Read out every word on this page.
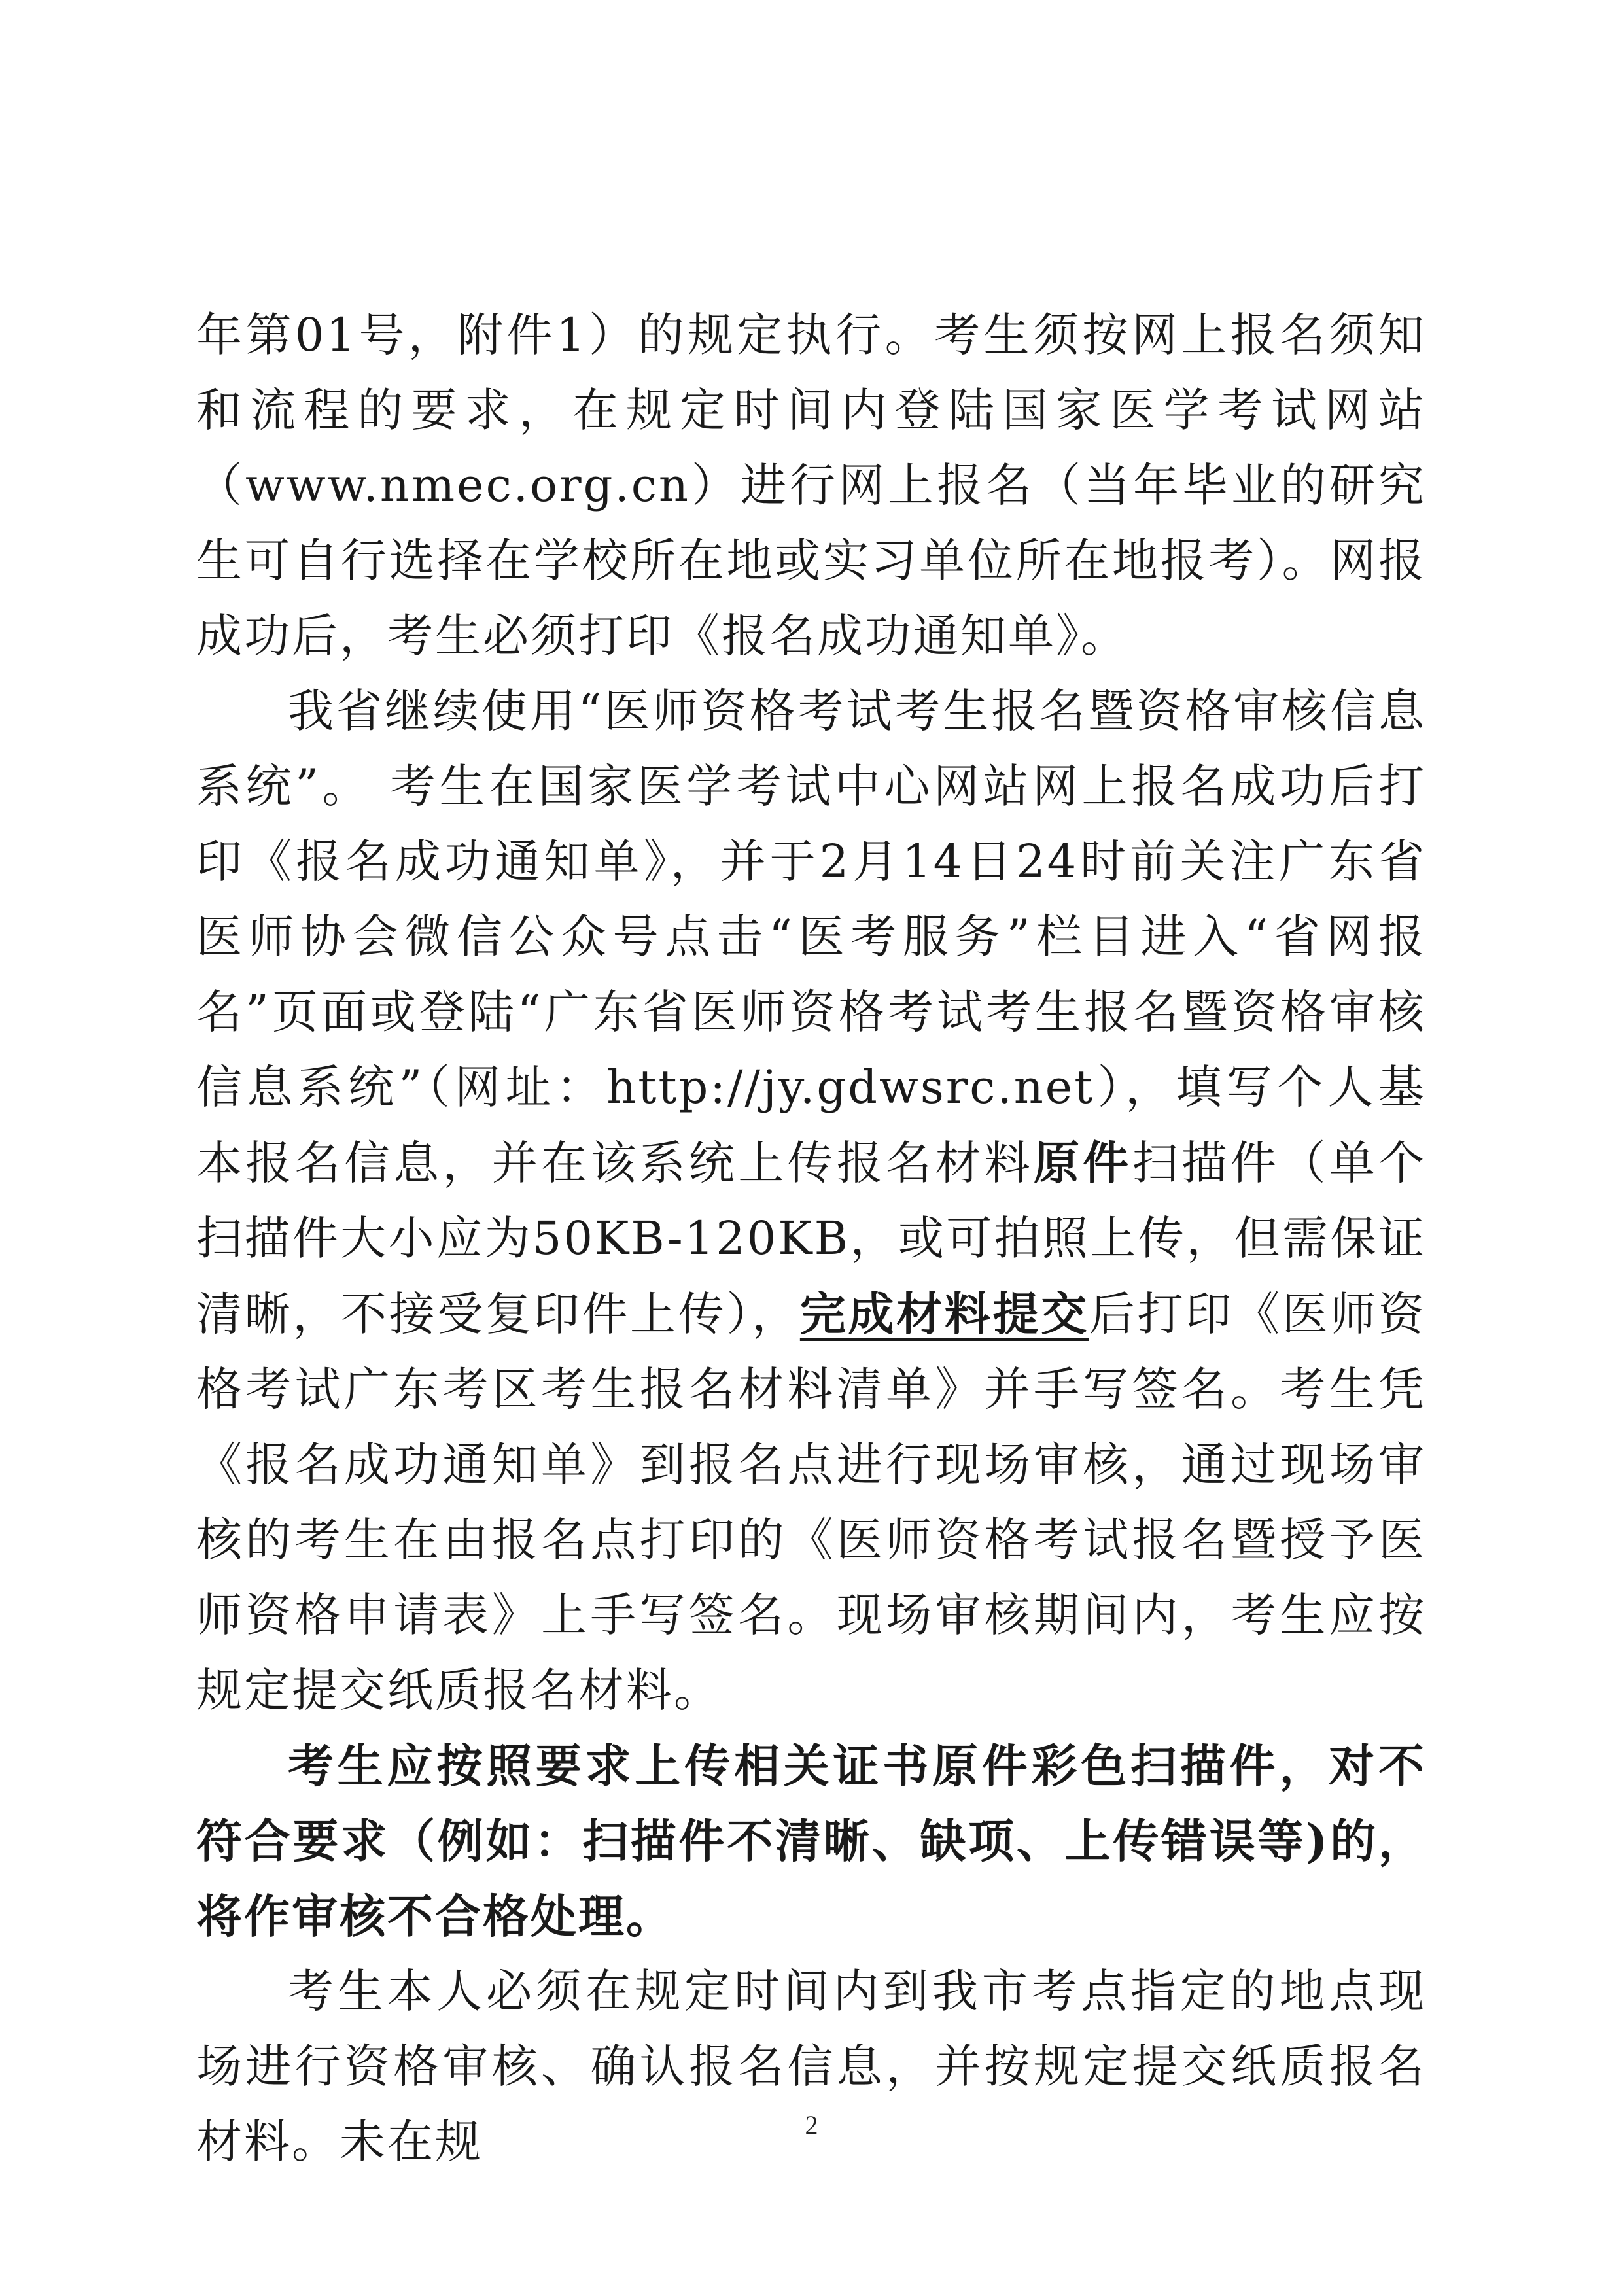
年第01号，附件1）的规定执行。考生须按网上报名须知和流程的要求，在规定时间内登陆国家医学考试网站（www.nmec.org.cn）进行网上报名（当年毕业的研究生可自行选择在学校所在地或实习单位所在地报考）。网报成功后，考生必须打印《报名成功通知单》。

我省继续使用“医师资格考试考生报名暨资格审核信息系统”。 考生在国家医学考试中心网站网上报名成功后打印《报名成功通知单》，并于2月14日24时前关注广东省医师协会微信公众号点击“医考服务”栏目进入“省网报名”页面或登陆“广东省医师资格考试考生报名暨资格审核信息系统”（网址：http://jy.gdwsrc.net），填写个人基本报名信息，并在该系统上传报名材料原件扫描件（单个扫描件大小应为50KB-120KB，或可拍照上传，但需保证清晰，不接受复印件上传），完成材料提交后打印《医师资格考试广东考区考生报名材料清单》并手写签名。考生凭《报名成功通知单》到报名点进行现场审核，通过现场审核的考生在由报名点打印的《医师资格考试报名暨授予医师资格申请表》上手写签名。现场审核期间内，考生应按规定提交纸质报名材料。

考生应按照要求上传相关证书原件彩色扫描件，对不符合要求（例如：扫描件不清晰、缺项、上传错误等)的，将作审核不合格处理。

考生本人必须在规定时间内到我市考点指定的地点现场进行资格审核、确认报名信息，并按规定提交纸质报名材料。未在规	2
